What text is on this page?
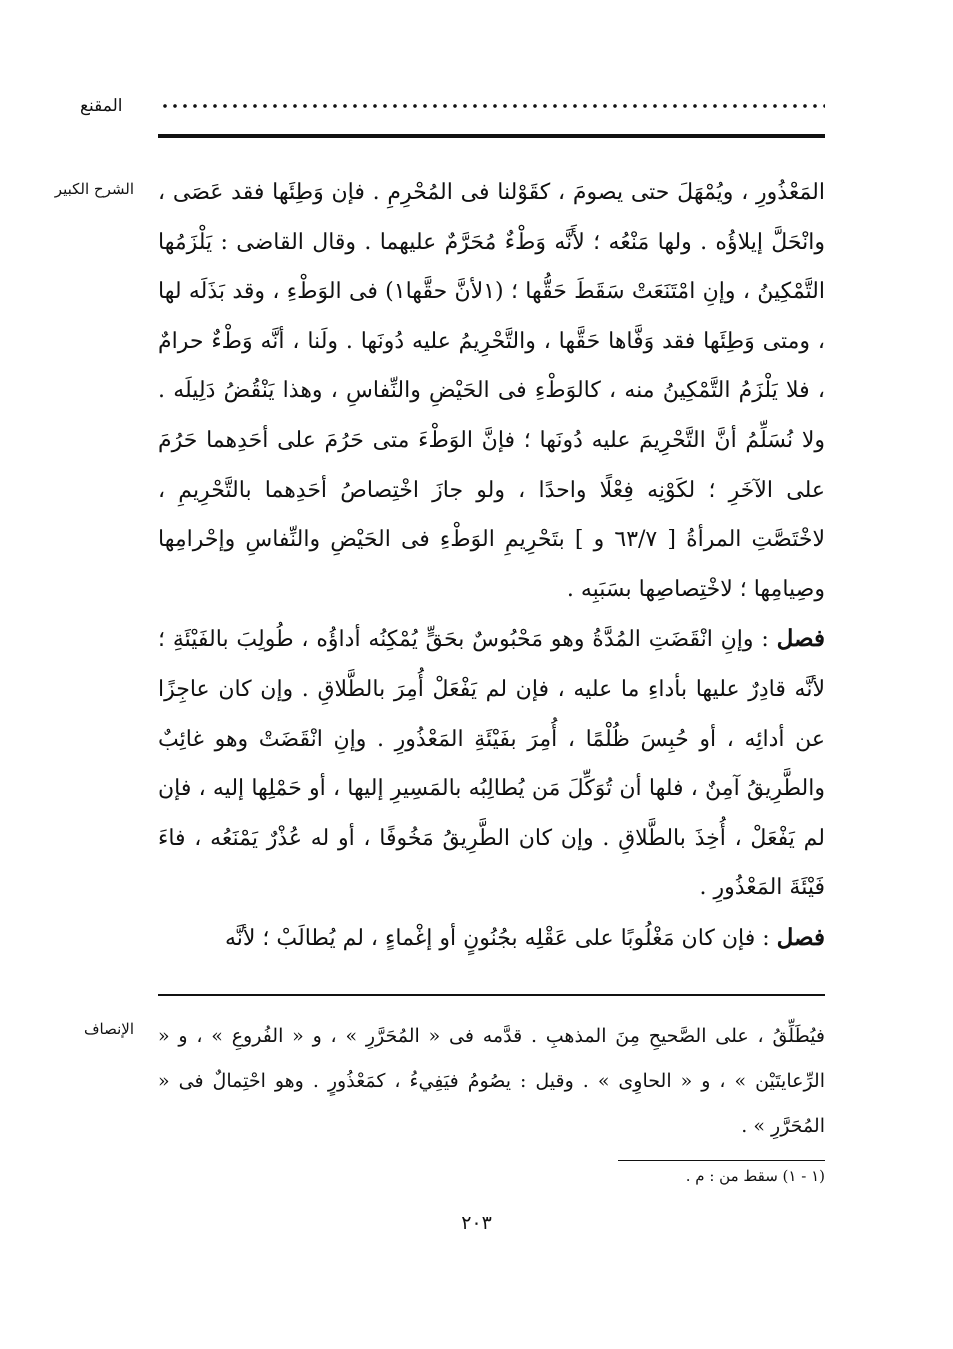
المقنع
الشرح الكبير المَعْذُورِ ، ويُمْهَلَ حتى يصومَ ، كقَوْلنا فى المُحْرِمِ . فإن وَطِئَها فقد عَصَى ، وانْحَلَّ إيلاؤُه . ولها مَنْعُه ؛ لأَنَّه وَطْءٌ مُحَرَّمٌ عليهما . وقال القاضى : يَلْزَمُها التَّمْكِينُ ، وإنِ امْتَنَعَتْ سَقَطَ حَقُّها ؛ (١لأنَّ حقَّها١) فى الوَطْءِ ، وقد بَذَلَه لها ، ومتى وَطِئَها فقد وَفَّاها حَقَّها ، والتَّحْرِيمُ عليه دُونَها . ولَنا ، أنَّه وَطْءٌ حرامٌ ، فلا يَلْزَمُ التَّمْكِينُ منه ، كالوَطْءِ فى الحَيْضِ والنِّفاسِ ، وهذا يَنْقُضُ دَلِيلَه . ولا نُسَلِّمُ أنَّ التَّحْرِيمَ عليه دُونَها ؛ فإنَّ الوَطْءَ متى حَرُمَ على أحَدِهما حَرُمَ على الآخَرِ ؛ لكَوْنِه فِعْلًا واحدًا ، ولو جازَ اخْتِصاصُ أحَدِهما بالتَّحْرِيمِ ، لاخْتَصَّتِ المرأةُ [ ٦٣/٧ و ] بتَحْرِيمِ الوَطْءِ فى الحَيْضِ والنِّفاسِ وإحْرامِها وصِيامِها ؛ لاخْتِصاصِها بسَبَبِه .

فصل : وإنِ انْقَضَتِ المُدَّةُ وهو مَحْبُوسٌ بحَقٍّ يُمْكِنُه أداؤُه ، طُولِبَ بالفَيْئَةِ ؛ لأنَّه قادِرٌ عليها بأداءِ ما عليه ، فإن لم يَفْعَلْ أُمِرَ بالطَّلاقِ . وإن كان عاجِزًا عن أدائِه ، أو حُبِسَ ظُلْمًا ، أُمِرَ بفَيْئَةِ المَعْذُورِ . وإنِ انْقَضَتْ وهو غائِبٌ والطَّرِيقُ آمِنٌ ، فلها أن تُوَكِّلَ مَن يُطالِبُه بالمَسِيرِ إليها ، أو حَمْلِها إليه ، فإن لم يَفْعَلْ ، أُخِذَ بالطَّلاقِ . وإن كان الطَّرِيقُ مَخُوفًا ، أو له عُذْرٌ يَمْنَعُه ، فاءَ فَيْئَةَ المَعْذُورِ .

فصل : فإن كان مَغْلُوبًا على عَقْلِه بجُنُونٍ أو إغْماءٍ ، لم يُطالَبْ ؛ لأنَّه

الإنصاف فيُطَلِّقُ ، على الصَّحيحِ مِنَ المذهبِ . قدَّمه فى « المُحَرَّرِ » ، و « الفُروعِ » ، و « الرِّعايتَيْن » ، و « الحاوِى » . وقيل : يصُومُ فيَفِيءُ ، كمَعْذُورٍ . وهو احْتِمالٌ فى « المُحَرَّرِ » .

(١ - ١) سقط من : م .
٢٠٣
